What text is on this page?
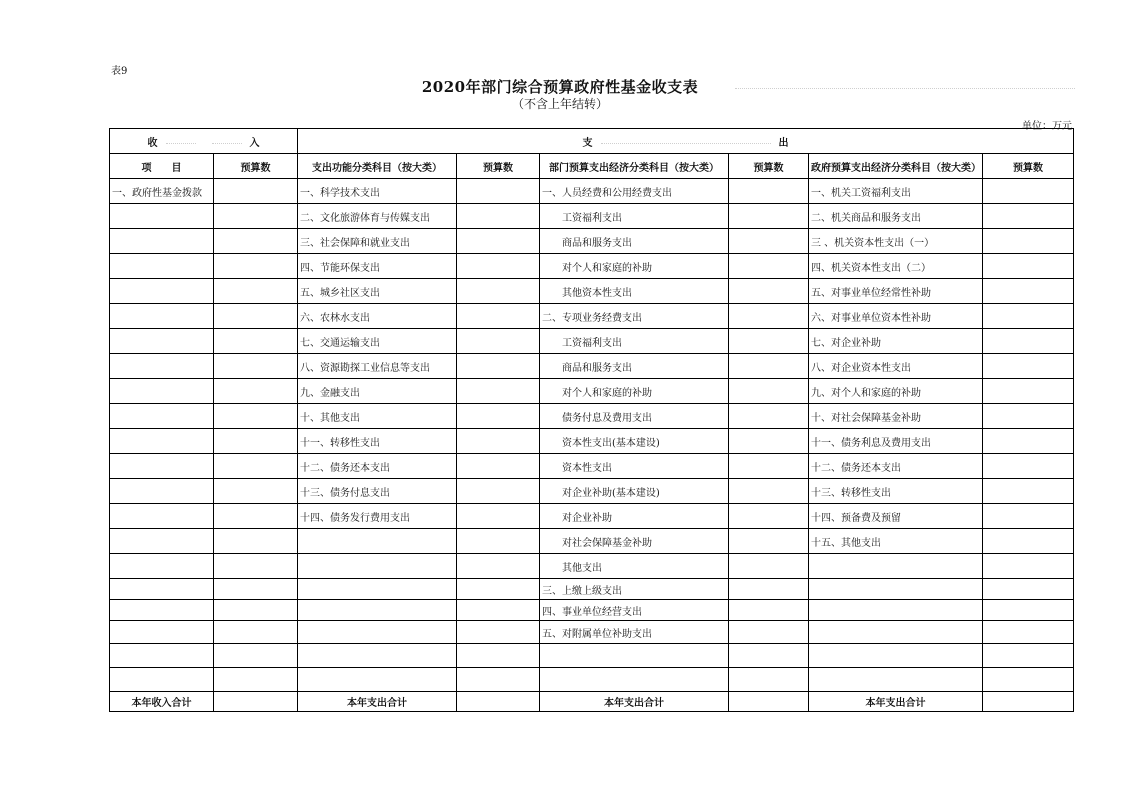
表9
2020年部门综合预算政府性基金收支表
（不含上年结转）
单位：万元
收 入		支 出					
项 目	预算数	支出功能分类科目（按大类）	预算数	部门预算支出经济分类科目（按大类）	预算数	政府预算支出经济分类科目（按大类）	预算数
一、政府性基金拨款		一、科学技术支出		一、人员经费和公用经费支出		一、机关工资福利支出	
		二、文化旅游体育与传媒支出		工资福利支出		二、机关商品和服务支出	
		三、社会保障和就业支出		商品和服务支出		三 、机关资本性支出（一）	
		四、节能环保支出		对个人和家庭的补助		四、机关资本性支出（二）	
		五、城乡社区支出		其他资本性支出		五、对事业单位经常性补助	
		六、农林水支出		二、专项业务经费支出		六、对事业单位资本性补助	
		七、交通运输支出		工资福利支出		七、对企业补助	
		八、资源勘探工业信息等支出		商品和服务支出		八、对企业资本性支出	
		九、金融支出		对个人和家庭的补助		九、对个人和家庭的补助	
		十、其他支出		债务付息及费用支出		十、对社会保障基金补助	
		十一、转移性支出		资本性支出(基本建设)		十一、债务利息及费用支出	
		十二、债务还本支出		资本性支出		十二、债务还本支出	
		十三、债务付息支出		对企业补助(基本建设)		十三、转移性支出	
		十四、债务发行费用支出		对企业补助		十四、预备费及预留	
				对社会保障基金补助		十五、其他支出	
				其他支出			
				三、上缴上级支出			
				四、事业单位经营支出			
				五、对附属单位补助支出			

本年收入合计		本年支出合计		本年支出合计		本年支出合计	
